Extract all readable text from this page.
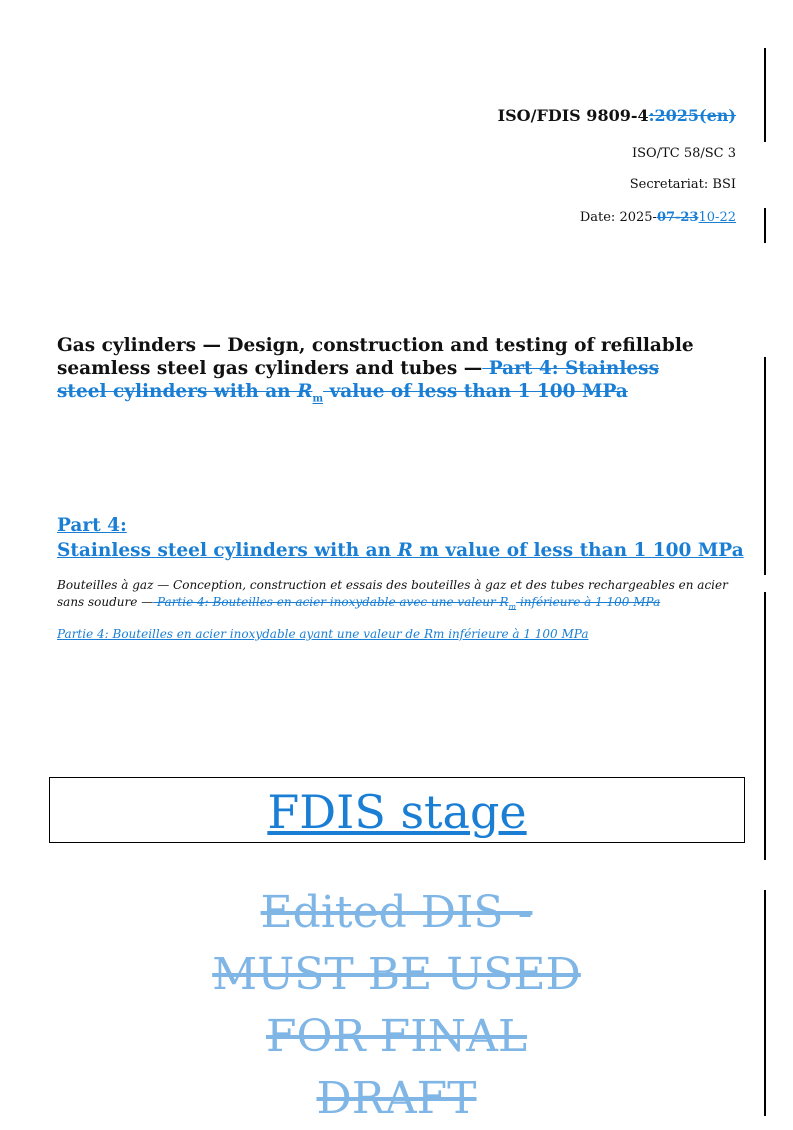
ISO/FDIS 9809-4:2025(en)
ISO/TC 58/SC 3
Secretariat: BSI
Date: 2025-07-2310-22
Gas cylinders — Design, construction and testing of refillable seamless steel gas cylinders and tubes — Part 4: Stainless steel cylinders with an $R_m$ value of less than 1 100 MPa
Part 4:
Stainless steel cylinders with an R m value of less than 1 100 MPa
Bouteilles à gaz — Conception, construction et essais des bouteilles à gaz et des tubes rechargeables en acier sans soudure — Partie 4: Bouteilles en acier inoxydable avec une valeur $R_m$ inférieure à 1 100 MPa
Partie 4: Bouteilles en acier inoxydable ayant une valeur de Rm inférieure à 1 100 MPa
FDIS stage
Edited DIS -
MUST BE USED
FOR FINAL
DRAFT
